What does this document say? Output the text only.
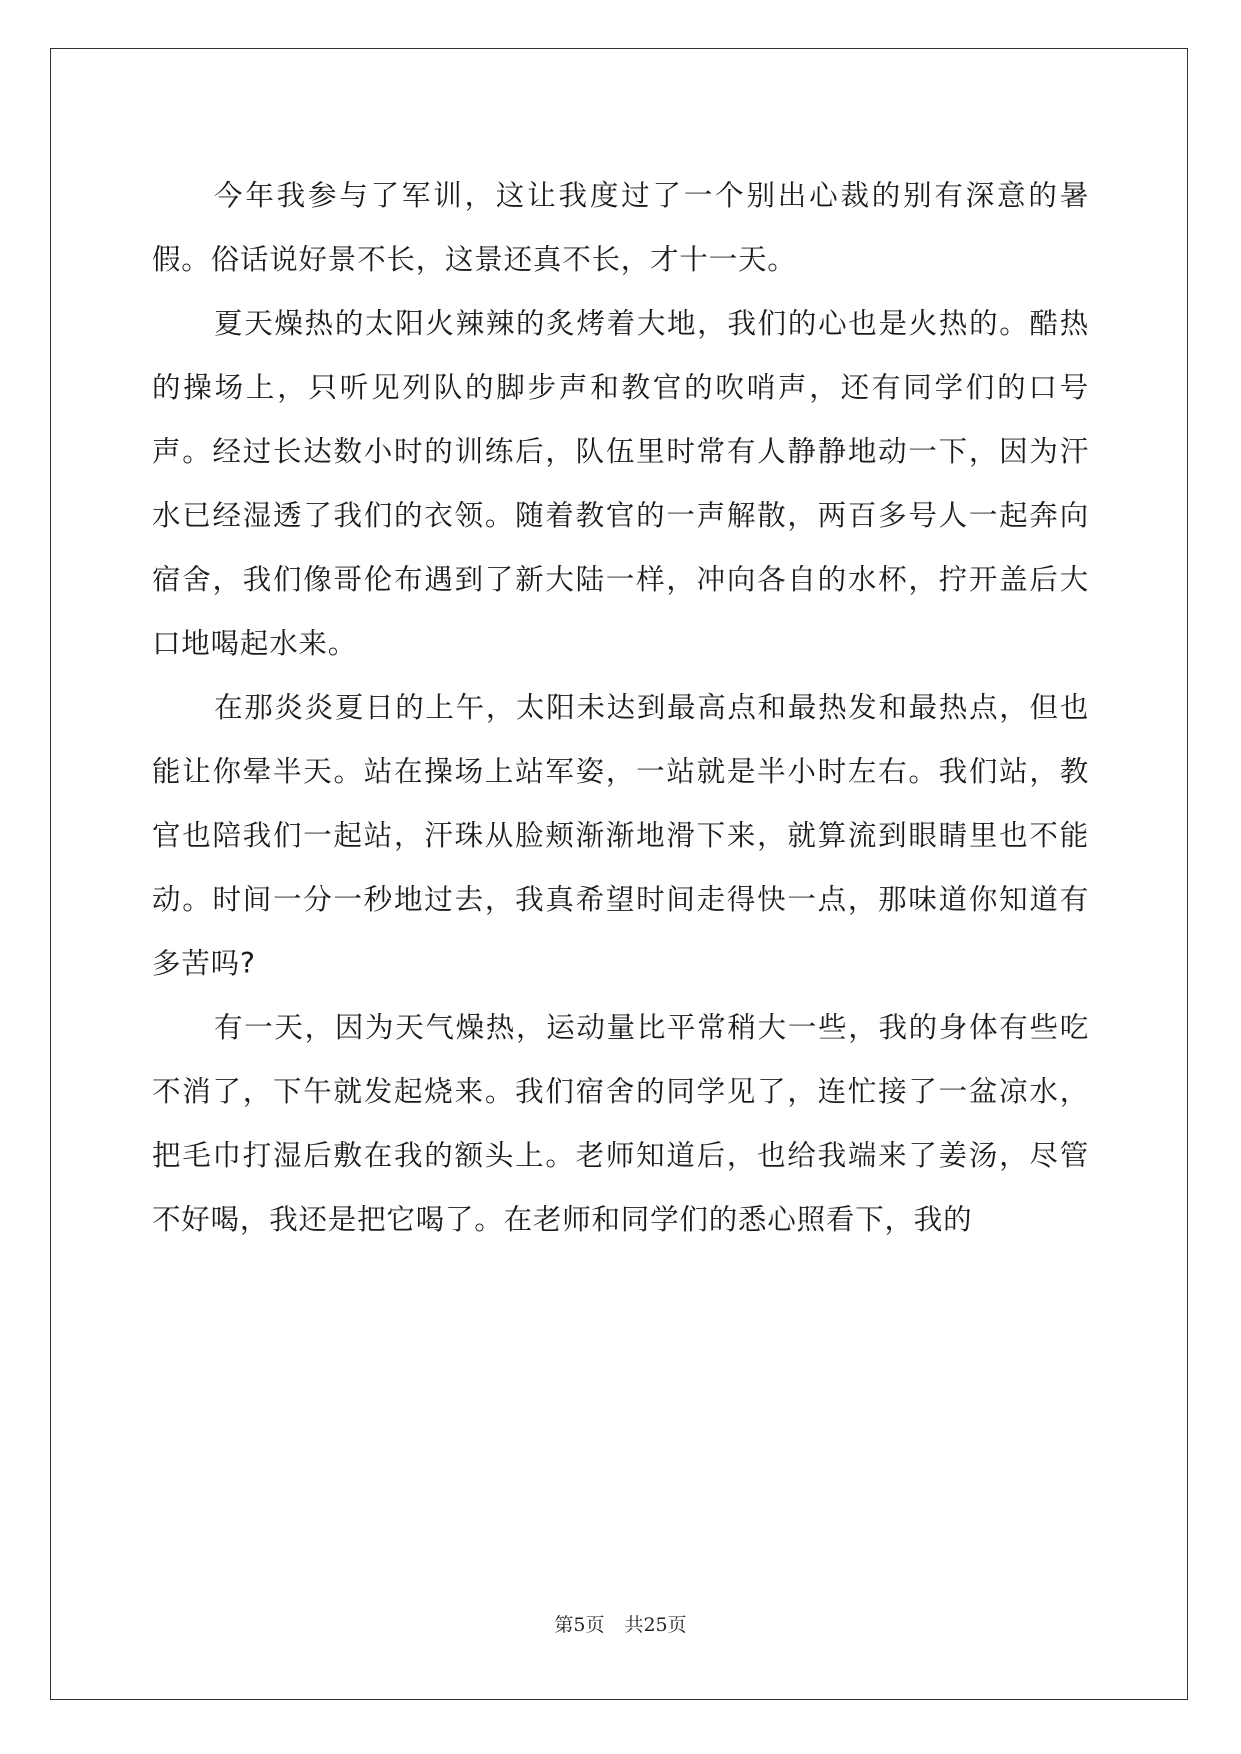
今年我参与了军训，这让我度过了一个别出心裁的别有深意的暑假。俗话说好景不长，这景还真不长，才十一天。

夏天燥热的太阳火辣辣的炙烤着大地，我们的心也是火热的。酷热的操场上，只听见列队的脚步声和教官的吹哨声，还有同学们的口号声。经过长达数小时的训练后，队伍里时常有人静静地动一下，因为汗水已经湿透了我们的衣领。随着教官的一声解散，两百多号人一起奔向宿舍，我们像哥伦布遇到了新大陆一样，冲向各自的水杯，拧开盖后大口地喝起水来。

在那炎炎夏日的上午，太阳未达到最高点和最热发和最热点，但也能让你晕半天。站在操场上站军姿，一站就是半小时左右。我们站，教官也陪我们一起站，汗珠从脸颊渐渐地滑下来，就算流到眼睛里也不能动。时间一分一秒地过去，我真希望时间走得快一点，那味道你知道有多苦吗?

有一天，因为天气燥热，运动量比平常稍大一些，我的身体有些吃不消了，下午就发起烧来。我们宿舍的同学见了，连忙接了一盆凉水，把毛巾打湿后敷在我的额头上。老师知道后，也给我端来了姜汤，尽管不好喝，我还是把它喝了。在老师和同学们的悉心照看下，我的

第5页 共25页
